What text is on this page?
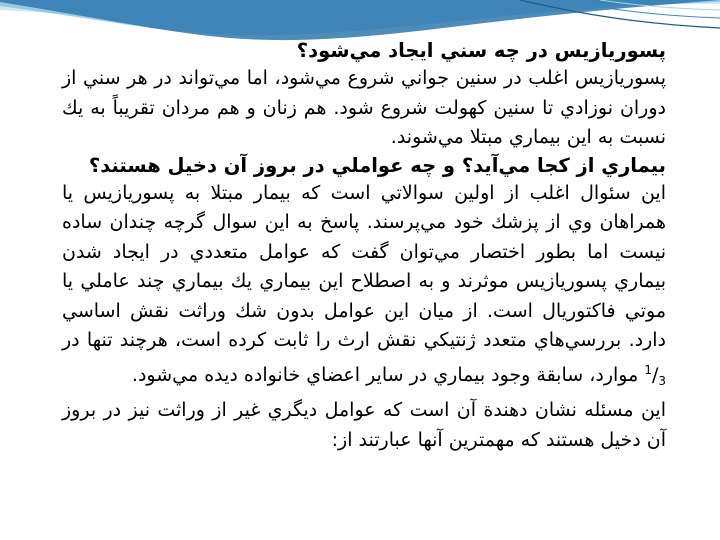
پسوريازيس در چه سني ايجاد مي‌شود؟

پسوريازيس اغلب در سنين جواني شروع مي‌شود، اما مي‌تواند در هر سني از دوران نوزادي تا سنين كهولت شروع شود. هم زنان و هم مردان تقريباً به يك نسبت به اين بيماري مبتلا مي‌شوند.

بيماري از كجا مي‌آيد؟ و چه عواملي در بروز آن دخيل هستند؟

اين سئوال اغلب از اولين سوالاتي است كه بيمار مبتلا به پسوريازيس يا همراهان وي از پزشك خود مي‌پرسند. پاسخ به اين سوال گرچه چندان ساده نيست اما بطور اختصار مي‌توان گفت كه عوامل متعددي در ايجاد شدن بيماري پسوريازيس موثرند و به اصطلاح اين بيماري يك بيماري چند عاملي يا موتي فاكتوريال است. از ميان اين عوامل بدون شك وراثت نقش اساسي دارد. بررسي‌هاي متعدد ژنتيكي نقش ارث را ثابت كرده است، هرچند تنها در $^1/_3$ موارد، سابقة وجود بيماري در ساير اعضاي خانواده ديده مي‌شود.

اين مسئله نشان دهندة آن است كه عوامل ديگري غير از وراثت نيز در بروز آن دخيل هستند كه مهمترين آنها عبارتند از:
